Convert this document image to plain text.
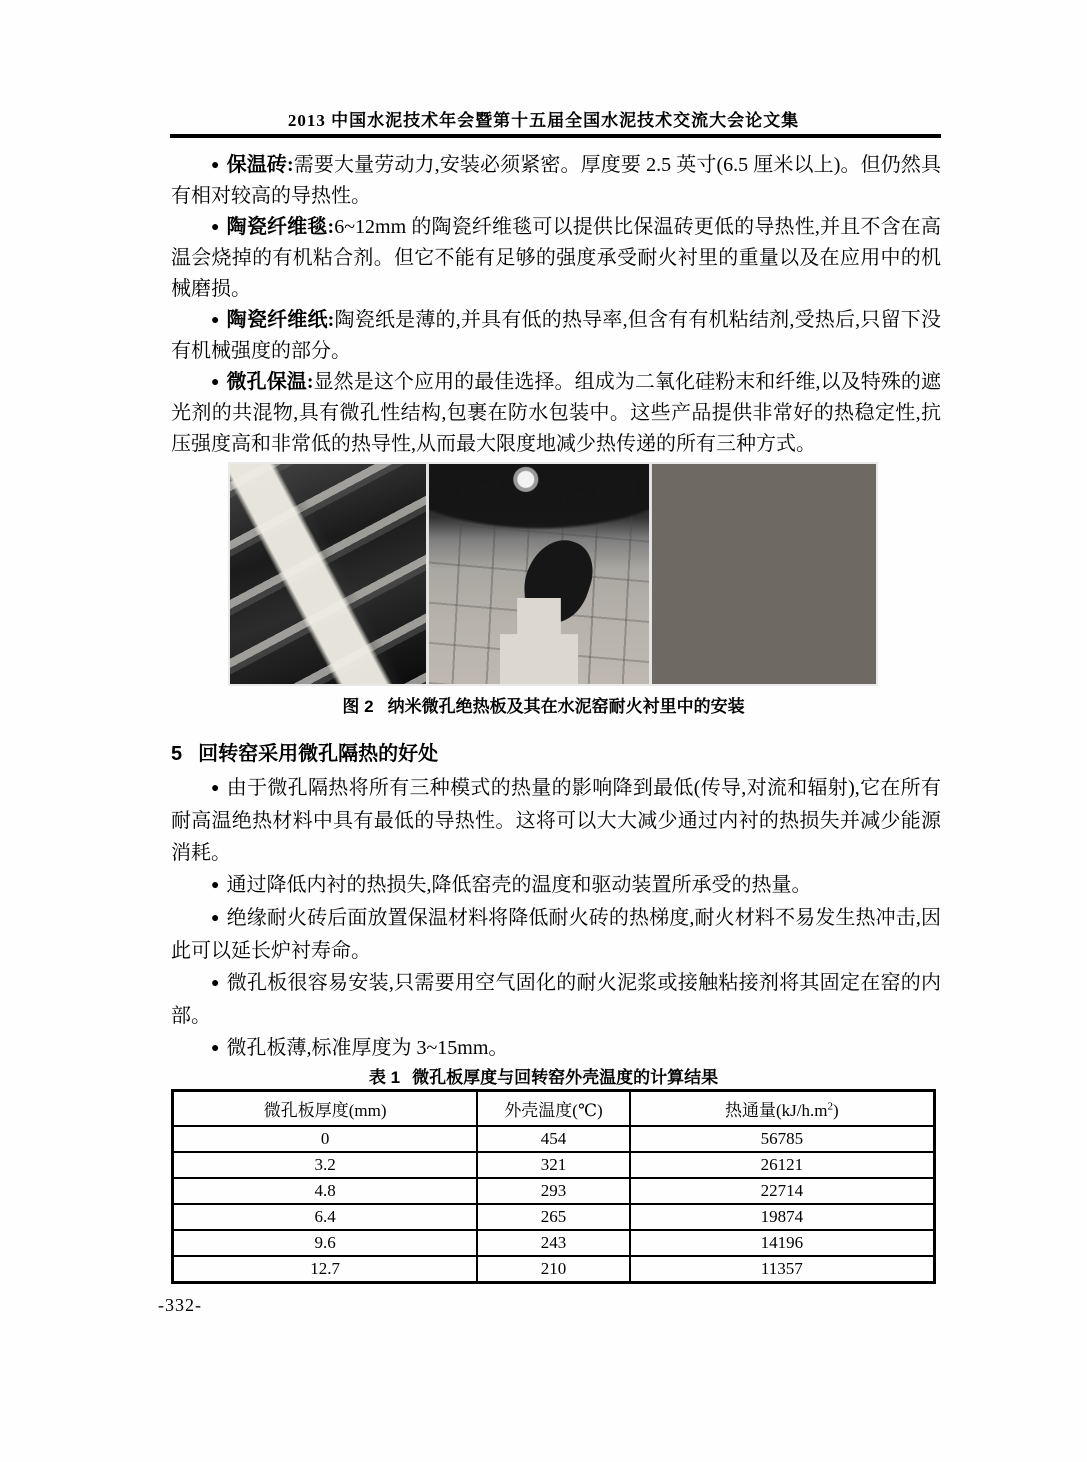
2013 中国水泥技术年会暨第十五届全国水泥技术交流大会论文集

● 保温砖:需要大量劳动力,安装必须紧密。厚度要 2.5 英寸(6.5 厘米以上)。但仍然具有相对较高的导热性。

● 陶瓷纤维毯:6~12mm 的陶瓷纤维毯可以提供比保温砖更低的导热性,并且不含在高温会烧掉的有机粘合剂。但它不能有足够的强度承受耐火衬里的重量以及在应用中的机械磨损。

● 陶瓷纤维纸:陶瓷纸是薄的,并具有低的热导率,但含有有机粘结剂,受热后,只留下没有机械强度的部分。

● 微孔保温:显然是这个应用的最佳选择。组成为二氧化硅粉末和纤维,以及特殊的遮光剂的共混物,具有微孔性结构,包裹在防水包装中。这些产品提供非常好的热稳定性,抗压强度高和非常低的热导性,从而最大限度地减少热传递的所有三种方式。

图 2 纳米微孔绝热板及其在水泥窑耐火衬里中的安装
5 回转窑采用微孔隔热的好处

● 由于微孔隔热将所有三种模式的热量的影响降到最低(传导,对流和辐射),它在所有耐高温绝热材料中具有最低的导热性。这将可以大大减少通过内衬的热损失并减少能源消耗。

● 通过降低内衬的热损失,降低窑壳的温度和驱动装置所承受的热量。

● 绝缘耐火砖后面放置保温材料将降低耐火砖的热梯度,耐火材料不易发生热冲击,因此可以延长炉衬寿命。

● 微孔板很容易安装,只需要用空气固化的耐火泥浆或接触粘接剂将其固定在窑的内部。

● 微孔板薄,标准厚度为 3~15mm。

表 1 微孔板厚度与回转窑外壳温度的计算结果
微孔板厚度(mm)	外壳温度(℃)	热通量$(kJ/h.m^2)$
0	454	56785
3.2	321	26121
4.8	293	22714
6.4	265	19874
9.6	243	14196
12.7	210	11357
-332-
